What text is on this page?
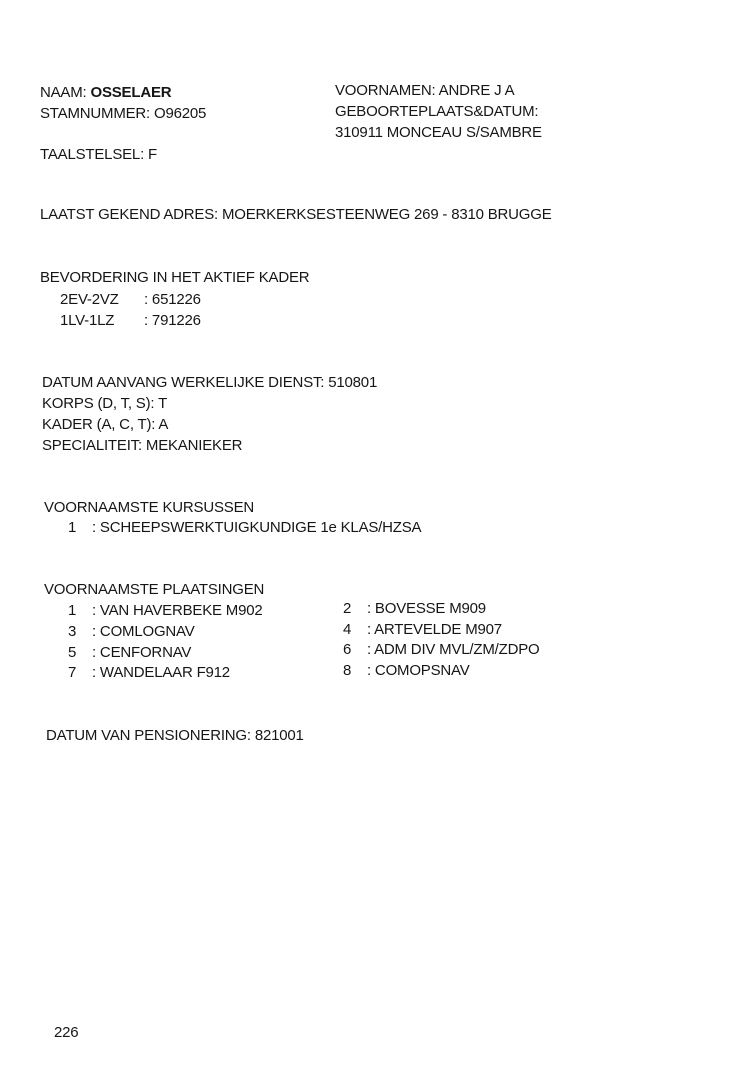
NAAM: OSSELAER
STAMNUMMER: O96205
TAALSTELSEL: F
VOORNAMEN: ANDRE J A
GEBOORTEPLAATS&DATUM:
310911 MONCEAU S/SAMBRE
LAATST GEKEND ADRES: MOERKERKSESTEENWEG 269 - 8310 BRUGGE
BEVORDERING IN HET AKTIEF KADER
2EV-2VZ : 651226
1LV-1LZ : 791226
DATUM AANVANG WERKELIJKE DIENST: 510801
KORPS (D, T, S): T
KADER (A, C, T): A
SPECIALITEIT: MEKANIEKER
VOORNAAMSTE KURSUSSEN
1 : SCHEEPSWERKTUIGKUNDIGE 1e KLAS/HZSA
VOORNAAMSTE PLAATSINGEN
1 : VAN HAVERBEKE M902	2 : BOVESSE M909
3 : COMLOGNAV	4 : ARTEVELDE M907
5 : CENFORNAV	6 : ADM DIV MVL/ZM/ZDPO
7 : WANDELAAR F912	8 : COMOPSNAV
DATUM VAN PENSIONERING: 821001
226
